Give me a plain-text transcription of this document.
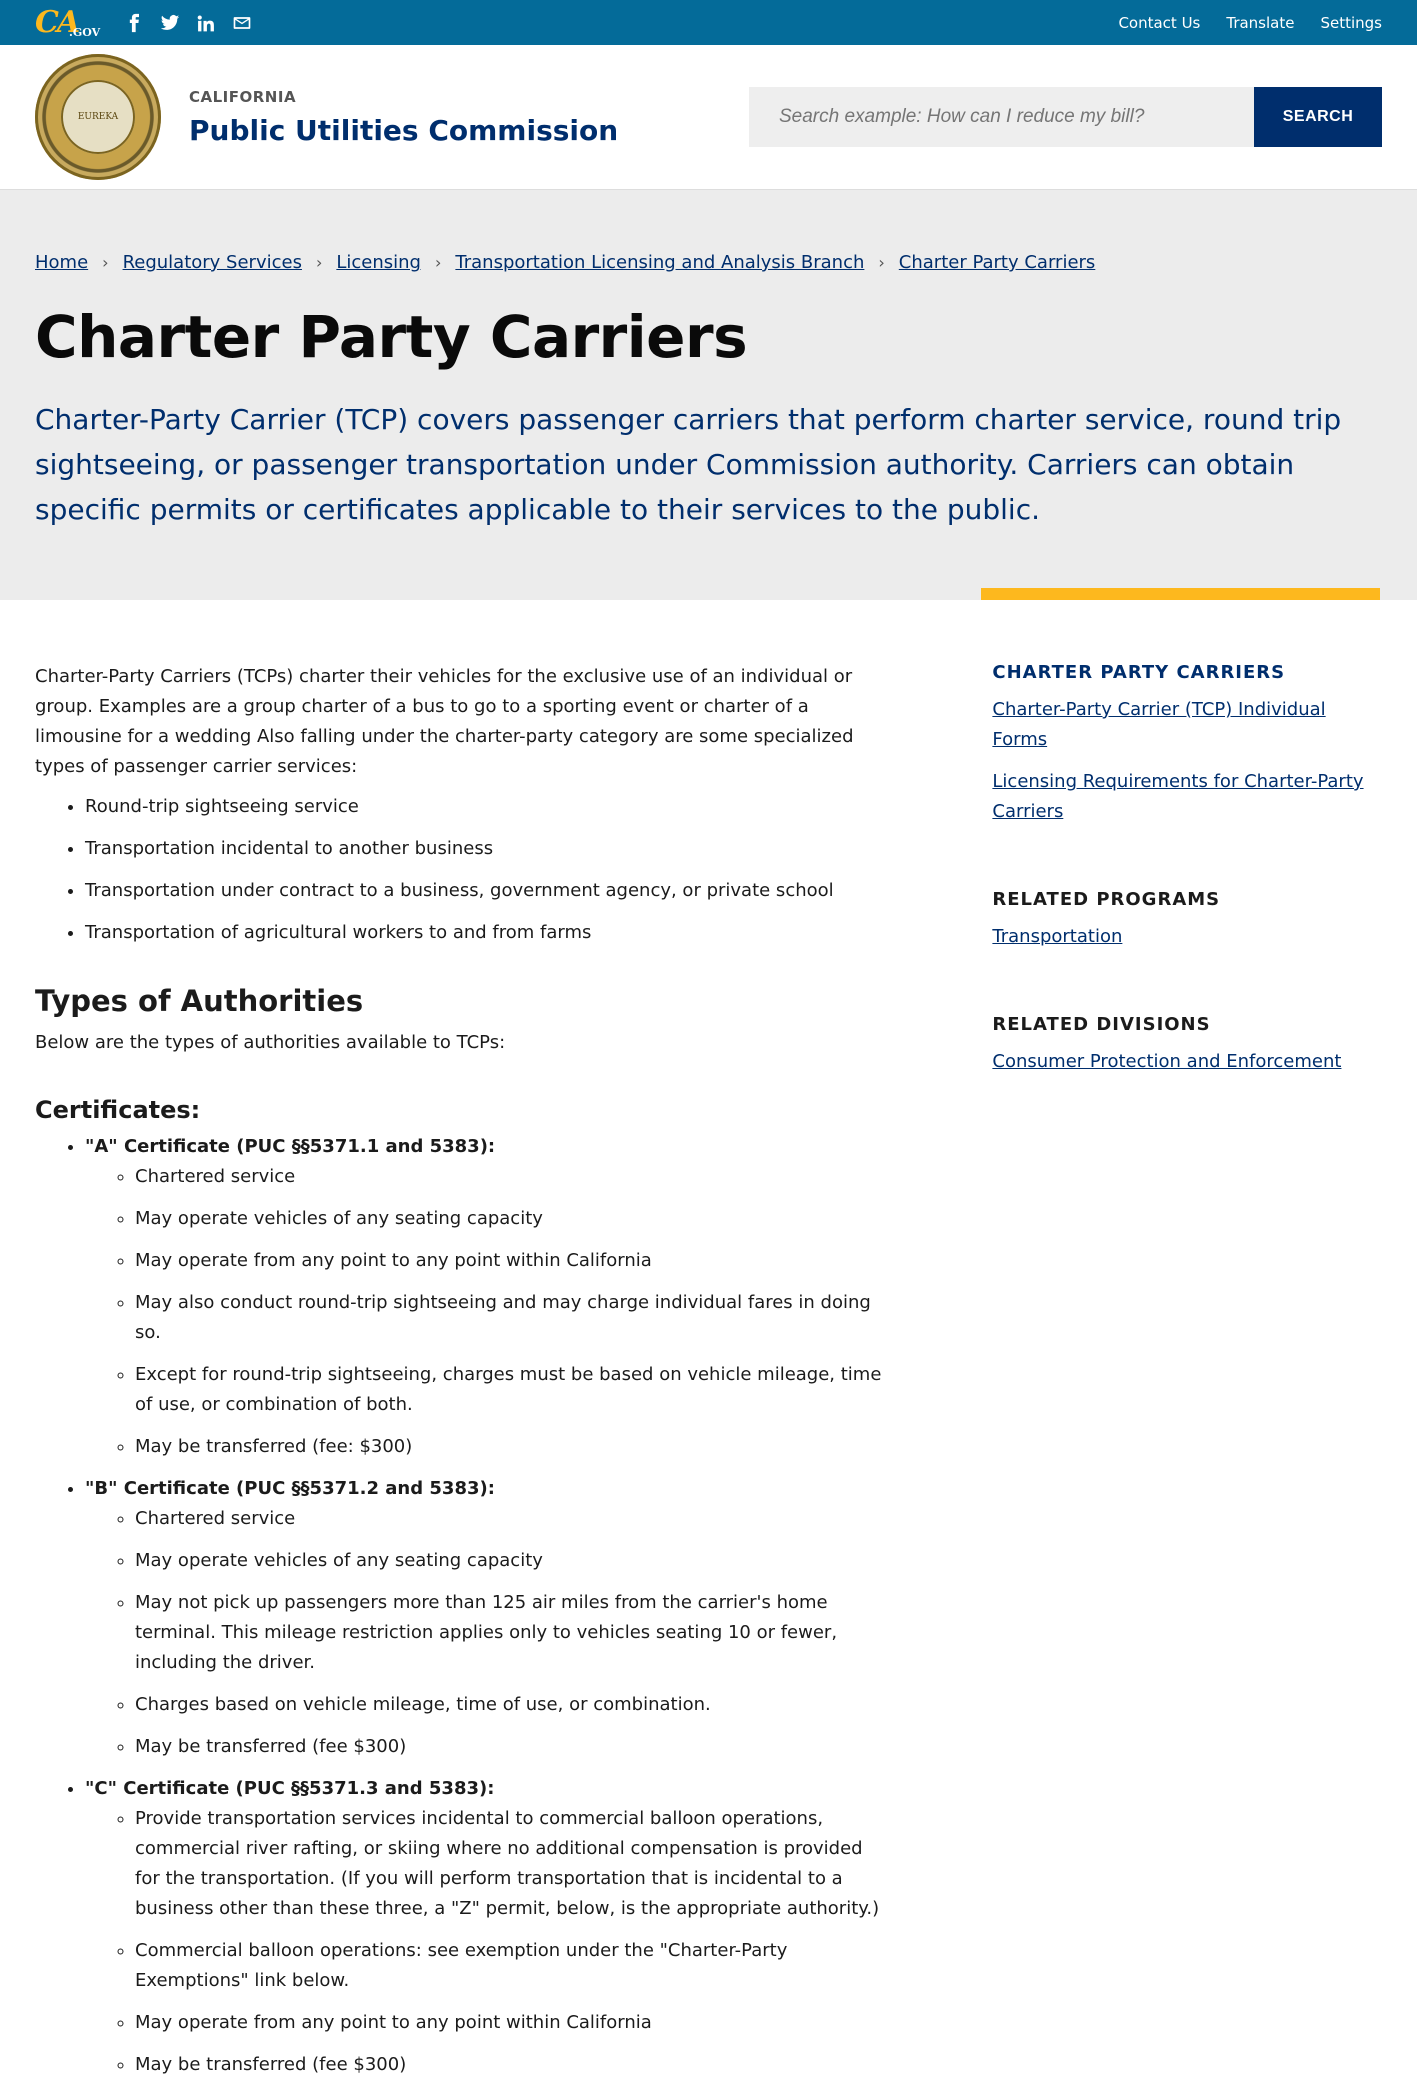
CA
.GOV
Contact Us Translate Settings
EUREKA
CALIFORNIA
Public Utilities Commission
Search example: How can I reduce my bill?	SEARCH
Home › Regulatory Services › Licensing › Transportation Licensing and Analysis Branch › Charter Party Carriers
Charter Party Carriers

Charter-Party Carrier (TCP) covers passenger carriers that perform charter service, round trip sightseeing, or passenger transportation under Commission authority. Carriers can obtain specific permits or certificates applicable to their services to the public.

Charter-Party Carriers (TCPs) charter their vehicles for the exclusive use of an individual or group. Examples are a group charter of a bus to go to a sporting event or charter of a limousine for a wedding Also falling under the charter-party category are some specialized types of passenger carrier services:

• Round-trip sightseeing service
• Transportation incidental to another business
• Transportation under contract to a business, government agency, or private school
• Transportation of agricultural workers to and from farms
Types of Authorities

Below are the types of authorities available to TCPs:

Certificates:
• "A" Certificate (PUC §§5371.1 and 5383):
◦ Chartered service
◦ May operate vehicles of any seating capacity
◦ May operate from any point to any point within California
◦ May also conduct round-trip sightseeing and may charge individual fares in doing so.
◦ Except for round-trip sightseeing, charges must be based on vehicle mileage, time of use, or combination of both.
◦ May be transferred (fee: $300)
• "B" Certificate (PUC §§5371.2 and 5383):
◦ Chartered service
◦ May operate vehicles of any seating capacity
◦ May not pick up passengers more than 125 air miles from the carrier's home terminal. This mileage restriction applies only to vehicles seating 10 or fewer, including the driver.
◦ Charges based on vehicle mileage, time of use, or combination.
◦ May be transferred (fee $300)
• "C" Certificate (PUC §§5371.3 and 5383):
◦ Provide transportation services incidental to commercial balloon operations, commercial river rafting, or skiing where no additional compensation is provided for the transportation. (If you will perform transportation that is incidental to a business other than these three, a "Z" permit, below, is the appropriate authority.)
◦ Commercial balloon operations: see exemption under the "Charter-Party Exemptions" link below.
◦ May operate from any point to any point within California
◦ May be transferred (fee $300)
CHARTER PARTY CARRIERS
Charter-Party Carrier (TCP) Individual Forms
Licensing Requirements for Charter-Party Carriers
RELATED PROGRAMS
Transportation
RELATED DIVISIONS
Consumer Protection and Enforcement
